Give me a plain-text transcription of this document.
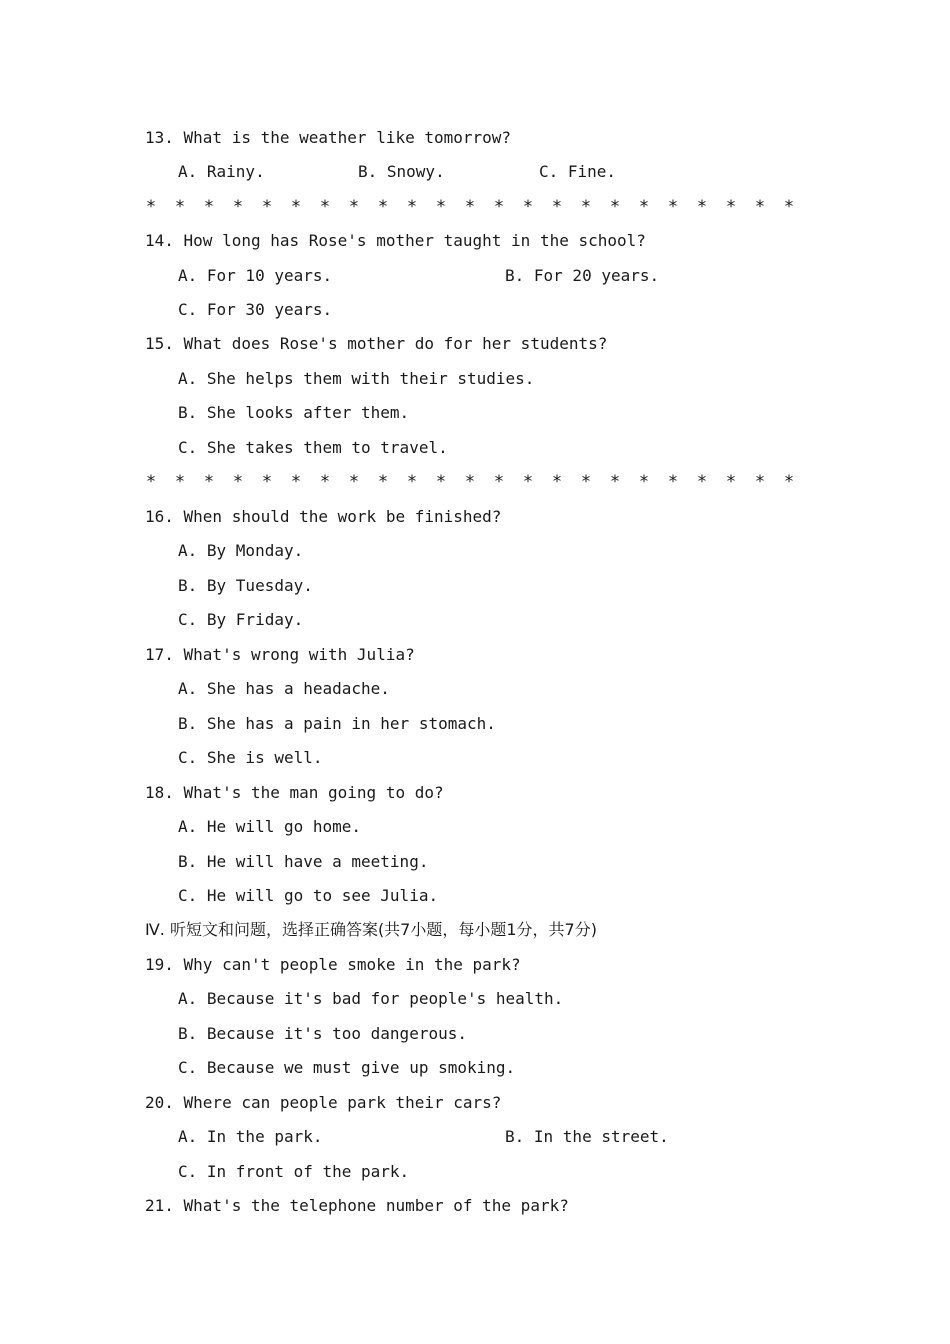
13. What is the weather like tomorrow?
A. Rainy.	B. Snowy.	C. Fine.
* * * * * * * * * * * * * * * * * * * * * * *
14. How long has Rose's mother taught in the school?
A. For 10 years.	B. For 20 years.
C. For 30 years.
15. What does Rose's mother do for her students?
A. She helps them with their studies.
B. She looks after them.
C. She takes them to travel.
* * * * * * * * * * * * * * * * * * * * * * *
16. When should the work be finished?
A. By Monday.
B. By Tuesday.
C. By Friday.
17. What's wrong with Julia?
A. She has a headache.
B. She has a pain in her stomach.
C. She is well.
18. What's the man going to do?
A. He will go home.
B. He will have a meeting.
C. He will go to see Julia.
Ⅳ. 听短文和问题，选择正确答案(共7小题，每小题1分，共7分)
19. Why can't people smoke in the park?
A. Because it's bad for people's health.
B. Because it's too dangerous.
C. Because we must give up smoking.
20. Where can people park their cars?
A. In the park.	B. In the street.
C. In front of the park.
21. What's the telephone number of the park?
